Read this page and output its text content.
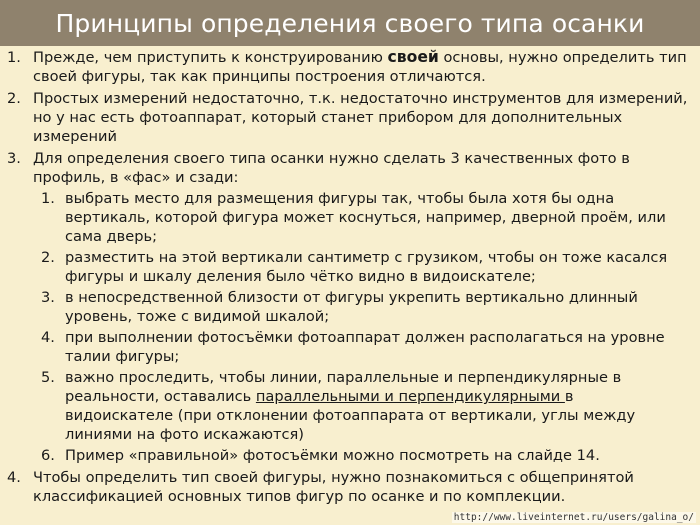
Принципы определения своего типа осанки
1. Прежде, чем приступить к конструированию своей основы, нужно определить тип своей фигуры, так как принципы построения отличаются.
2. Простых измерений недостаточно, т.к. недостаточно инструментов для измерений, но у нас есть фотоаппарат, который станет прибором для дополнительных измерений
3. Для определения своего типа осанки нужно сделать 3 качественных фото в профиль, в «фас» и сзади:
1. выбрать место для размещения фигуры так, чтобы была хотя бы одна вертикаль, которой фигура может коснуться, например, дверной проём, или сама дверь;
2. разместить на этой вертикали сантиметр с грузиком, чтобы он тоже касался фигуры и шкалу деления было чётко видно в видоискателе;
3. в непосредственной близости от фигуры укрепить вертикально длинный уровень, тоже с видимой шкалой;
4. при выполнении фотосъёмки фотоаппарат должен располагаться на уровне талии фигуры;
5. важно проследить, чтобы линии, параллельные и перпендикулярные в реальности, оставались параллельными и перпендикулярными в видоискателе (при отклонении фотоаппарата от вертикали, углы между линиями на фото искажаются)
6. Пример «правильной» фотосъёмки можно посмотреть на слайде 14.
4. Чтобы определить тип своей фигуры, нужно познакомиться с общепринятой классификацией основных типов фигур по осанке и по комплекции.
http://www.liveinternet.ru/users/galina_o/
